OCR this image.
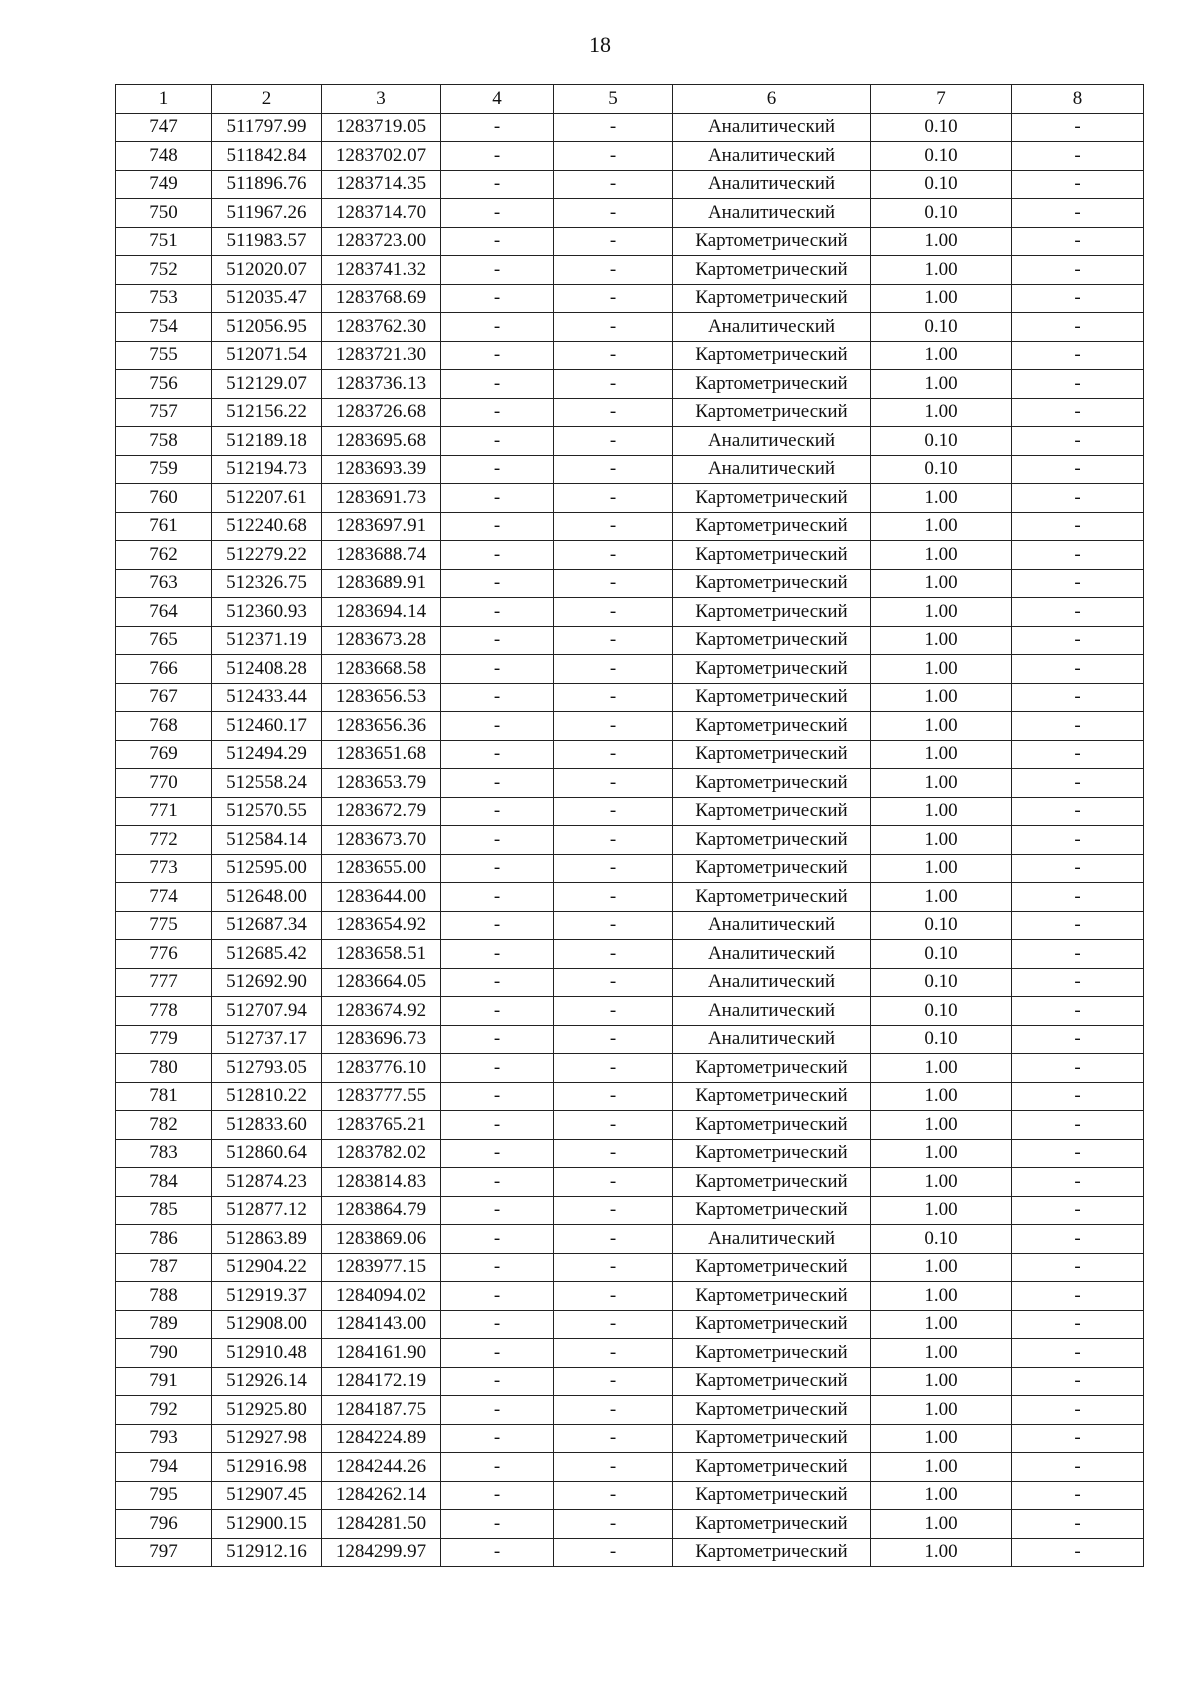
18
1	2	3	4	5	6	7	8
747	511797.99	1283719.05	-	-	Аналитический	0.10	-
748	511842.84	1283702.07	-	-	Аналитический	0.10	-
749	511896.76	1283714.35	-	-	Аналитический	0.10	-
750	511967.26	1283714.70	-	-	Аналитический	0.10	-
751	511983.57	1283723.00	-	-	Картометрический	1.00	-
752	512020.07	1283741.32	-	-	Картометрический	1.00	-
753	512035.47	1283768.69	-	-	Картометрический	1.00	-
754	512056.95	1283762.30	-	-	Аналитический	0.10	-
755	512071.54	1283721.30	-	-	Картометрический	1.00	-
756	512129.07	1283736.13	-	-	Картометрический	1.00	-
757	512156.22	1283726.68	-	-	Картометрический	1.00	-
758	512189.18	1283695.68	-	-	Аналитический	0.10	-
759	512194.73	1283693.39	-	-	Аналитический	0.10	-
760	512207.61	1283691.73	-	-	Картометрический	1.00	-
761	512240.68	1283697.91	-	-	Картометрический	1.00	-
762	512279.22	1283688.74	-	-	Картометрический	1.00	-
763	512326.75	1283689.91	-	-	Картометрический	1.00	-
764	512360.93	1283694.14	-	-	Картометрический	1.00	-
765	512371.19	1283673.28	-	-	Картометрический	1.00	-
766	512408.28	1283668.58	-	-	Картометрический	1.00	-
767	512433.44	1283656.53	-	-	Картометрический	1.00	-
768	512460.17	1283656.36	-	-	Картометрический	1.00	-
769	512494.29	1283651.68	-	-	Картометрический	1.00	-
770	512558.24	1283653.79	-	-	Картометрический	1.00	-
771	512570.55	1283672.79	-	-	Картометрический	1.00	-
772	512584.14	1283673.70	-	-	Картометрический	1.00	-
773	512595.00	1283655.00	-	-	Картометрический	1.00	-
774	512648.00	1283644.00	-	-	Картометрический	1.00	-
775	512687.34	1283654.92	-	-	Аналитический	0.10	-
776	512685.42	1283658.51	-	-	Аналитический	0.10	-
777	512692.90	1283664.05	-	-	Аналитический	0.10	-
778	512707.94	1283674.92	-	-	Аналитический	0.10	-
779	512737.17	1283696.73	-	-	Аналитический	0.10	-
780	512793.05	1283776.10	-	-	Картометрический	1.00	-
781	512810.22	1283777.55	-	-	Картометрический	1.00	-
782	512833.60	1283765.21	-	-	Картометрический	1.00	-
783	512860.64	1283782.02	-	-	Картометрический	1.00	-
784	512874.23	1283814.83	-	-	Картометрический	1.00	-
785	512877.12	1283864.79	-	-	Картометрический	1.00	-
786	512863.89	1283869.06	-	-	Аналитический	0.10	-
787	512904.22	1283977.15	-	-	Картометрический	1.00	-
788	512919.37	1284094.02	-	-	Картометрический	1.00	-
789	512908.00	1284143.00	-	-	Картометрический	1.00	-
790	512910.48	1284161.90	-	-	Картометрический	1.00	-
791	512926.14	1284172.19	-	-	Картометрический	1.00	-
792	512925.80	1284187.75	-	-	Картометрический	1.00	-
793	512927.98	1284224.89	-	-	Картометрический	1.00	-
794	512916.98	1284244.26	-	-	Картометрический	1.00	-
795	512907.45	1284262.14	-	-	Картометрический	1.00	-
796	512900.15	1284281.50	-	-	Картометрический	1.00	-
797	512912.16	1284299.97	-	-	Картометрический	1.00	-
